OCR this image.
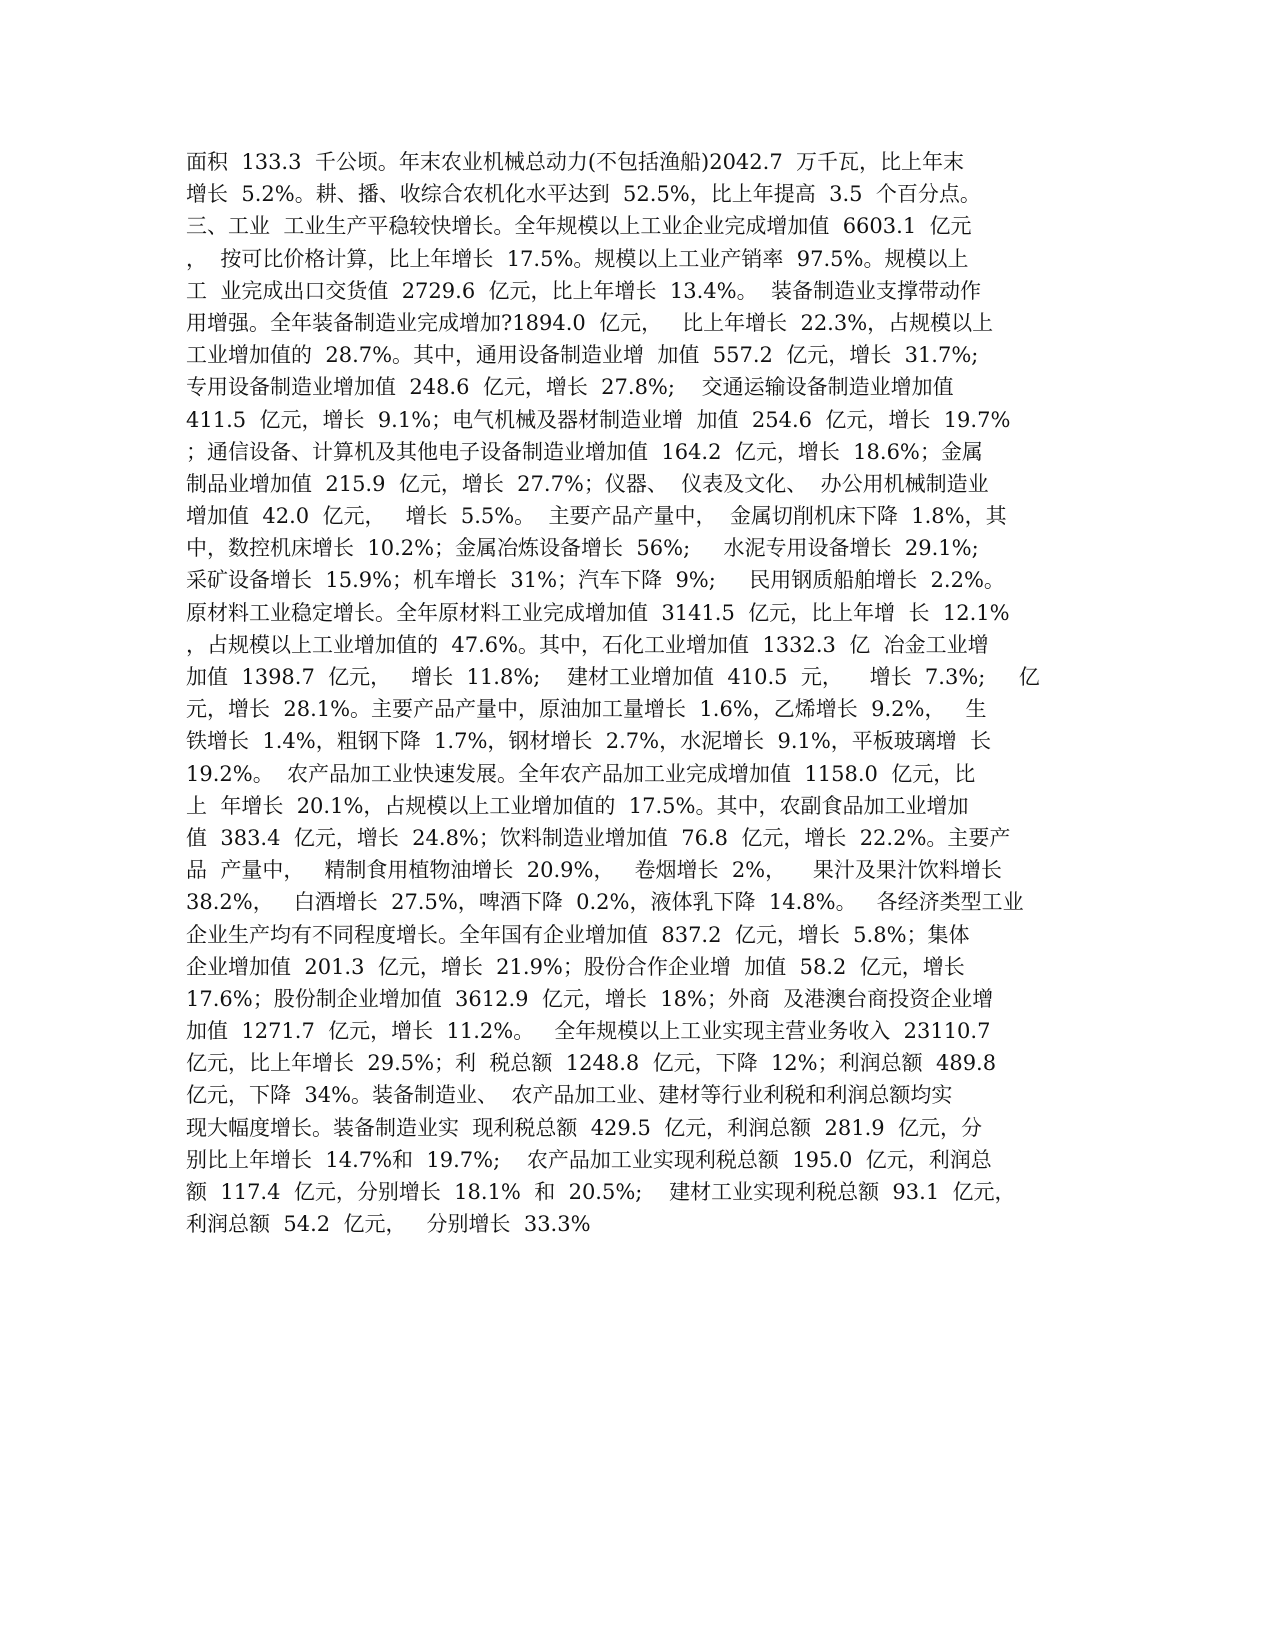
面积  133.3  千公顷。年末农业机械总动力(不包括渔船)2042.7  万千瓦，比上年末
增长  5.2%。耕、播、收综合农机化水平达到  52.5%，比上年提高  3.5  个百分点。
三、工业  工业生产平稳较快增长。全年规模以上工业企业完成增加值  6603.1  亿元
，  按可比价格计算，比上年增长  17.5%。规模以上工业产销率  97.5%。规模以上
工  业完成出口交货值  2729.6  亿元，比上年增长  13.4%。  装备制造业支撑带动作
用增强。全年装备制造业完成增加?1894.0  亿元，   比上年增长  22.3%，占规模以上
工业增加值的  28.7%。其中，通用设备制造业增  加值  557.2  亿元，增长  31.7%;
专用设备制造业增加值  248.6  亿元，增长  27.8%;    交通运输设备制造业增加值
411.5  亿元，增长  9.1%；电气机械及器材制造业增  加值  254.6  亿元，增长  19.7%
；通信设备、计算机及其他电子设备制造业增加值  164.2  亿元，增长  18.6%；金属
制品业增加值  215.9  亿元，增长  27.7%；仪器、  仪表及文化、  办公用机械制造业
增加值  42.0  亿元，   增长  5.5%。  主要产品产量中，  金属切削机床下降  1.8%，其
中，数控机床增长  10.2%；金属冶炼设备增长  56%;     水泥专用设备增长  29.1%;
采矿设备增长  15.9%；机车增长  31%；汽车下降  9%;     民用钢质船舶增长  2.2%。
原材料工业稳定增长。全年原材料工业完成增加值  3141.5  亿元，比上年增  长  12.1%
，占规模以上工业增加值的  47.6%。其中，石化工业增加值  1332.3  亿  冶金工业增
加值  1398.7  亿元，   增长  11.8%;    建材工业增加值  410.5  元，    增长  7.3%;     亿
元，增长  28.1%。主要产品产量中，原油加工量增长  1.6%，乙烯增长  9.2%，   生
铁增长  1.4%，粗钢下降  1.7%，钢材增长  2.7%，水泥增长  9.1%，平板玻璃增  长
19.2%。  农产品加工业快速发展。全年农产品加工业完成增加值  1158.0  亿元，比
上  年增长  20.1%，占规模以上工业增加值的  17.5%。其中，农副食品加工业增加
值  383.4  亿元，增长  24.8%；饮料制造业增加值  76.8  亿元，增长  22.2%。主要产
品  产量中，   精制食用植物油增长  20.9%，   卷烟增长  2%，    果汁及果汁饮料增长
38.2%，   白酒增长  27.5%，啤酒下降  0.2%，液体乳下降  14.8%。   各经济类型工业
企业生产均有不同程度增长。全年国有企业增加值  837.2  亿元，增长  5.8%；集体
企业增加值  201.3  亿元，增长  21.9%；股份合作企业增  加值  58.2  亿元，增长
17.6%；股份制企业增加值  3612.9  亿元，增长  18%；外商  及港澳台商投资企业增
加值  1271.7  亿元，增长  11.2%。   全年规模以上工业实现主营业务收入  23110.7
亿元，比上年增长  29.5%；利  税总额  1248.8  亿元，下降  12%；利润总额  489.8
亿元，下降  34%。装备制造业、  农产品加工业、建材等行业利税和利润总额均实
现大幅度增长。装备制造业实  现利税总额  429.5  亿元，利润总额  281.9  亿元，分
别比上年增长  14.7%和  19.7%;    农产品加工业实现利税总额  195.0  亿元，利润总
额  117.4  亿元，分别增长  18.1%  和  20.5%;    建材工业实现利税总额  93.1  亿元，
利润总额  54.2  亿元，   分别增长  33.3%
